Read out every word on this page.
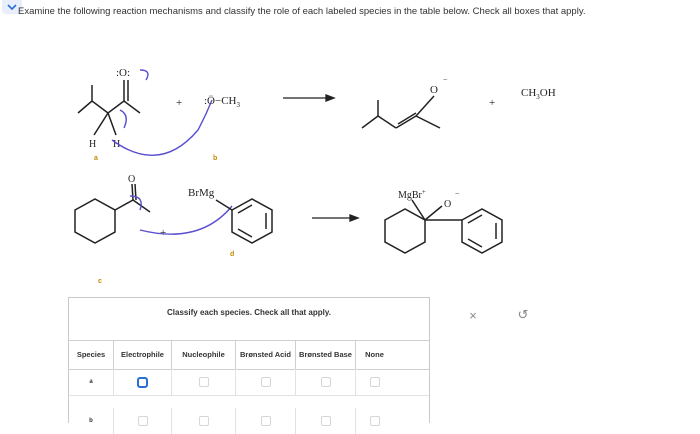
Examine the following reaction mechanisms and classify the role of each labeled species in the table below. Check all boxes that apply.
:O:
H H
a
+ $:Ö-CH_3$
b
O
−
+
$CH_3OH$
O
+
BrMg
d
c
MgBr+
O
−
Classify each species. Check all that apply.
Species	Electrophile	Nucleophile	Brønsted Acid	Brønsted Base	None
a
b
×	↺
